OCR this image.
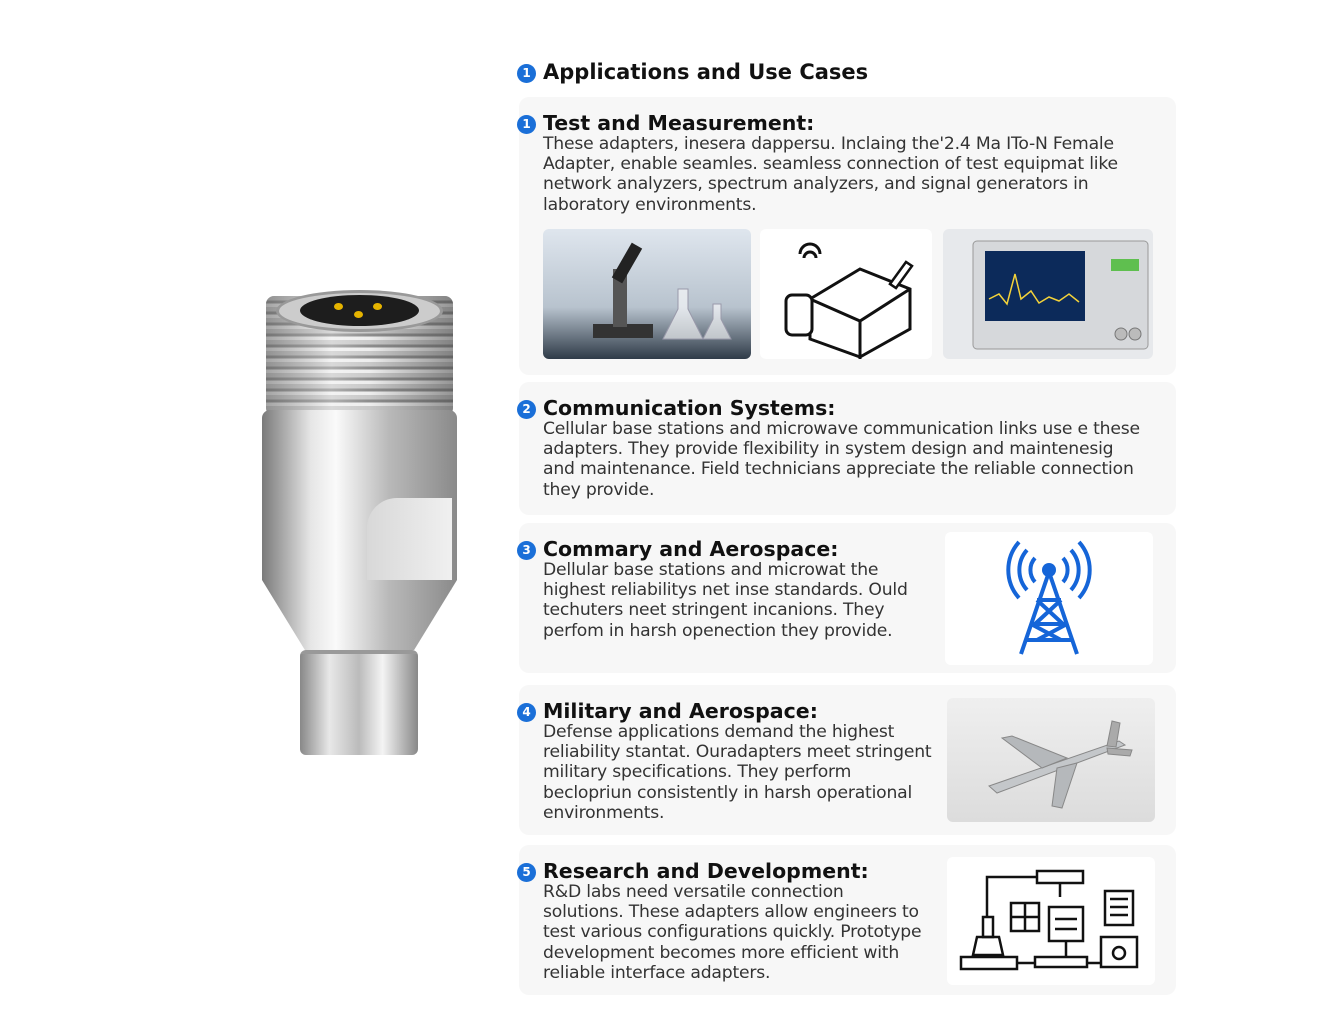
1 Applications and Use Cases
1 Test and Measurement:
These adapters, inesera dappersu. Inclaing the'2.4 Ma ITo-N Female Adapter, enable seamles. seamless connection of test equipmat like network analyzers, spectrum analyzers, and signal generators in laboratory environments.
2 Communication Systems:
Cellular base stations and microwave communication links use e these adapters. They provide flexibility in system design and maintenesig and maintenance. Field technicians appreciate the reliable connection they provide.
3 Commary and Aerospace:
Dellular base stations and microwat the highest reliabilitys net inse standards. Ould techuters neet stringent incanions. They perfom in harsh openection they provide.
4 Military and Aerospace:
Defense applications demand the highest reliability stantat. Ouradapters meet stringent military specifications. They perform beclopriun consistently in harsh operational environments.
5 Research and Development:
R&D labs need versatile connection solutions. These adapters allow engineers to test various configurations quickly. Prototype development becomes more efficient with reliable interface adapters.
